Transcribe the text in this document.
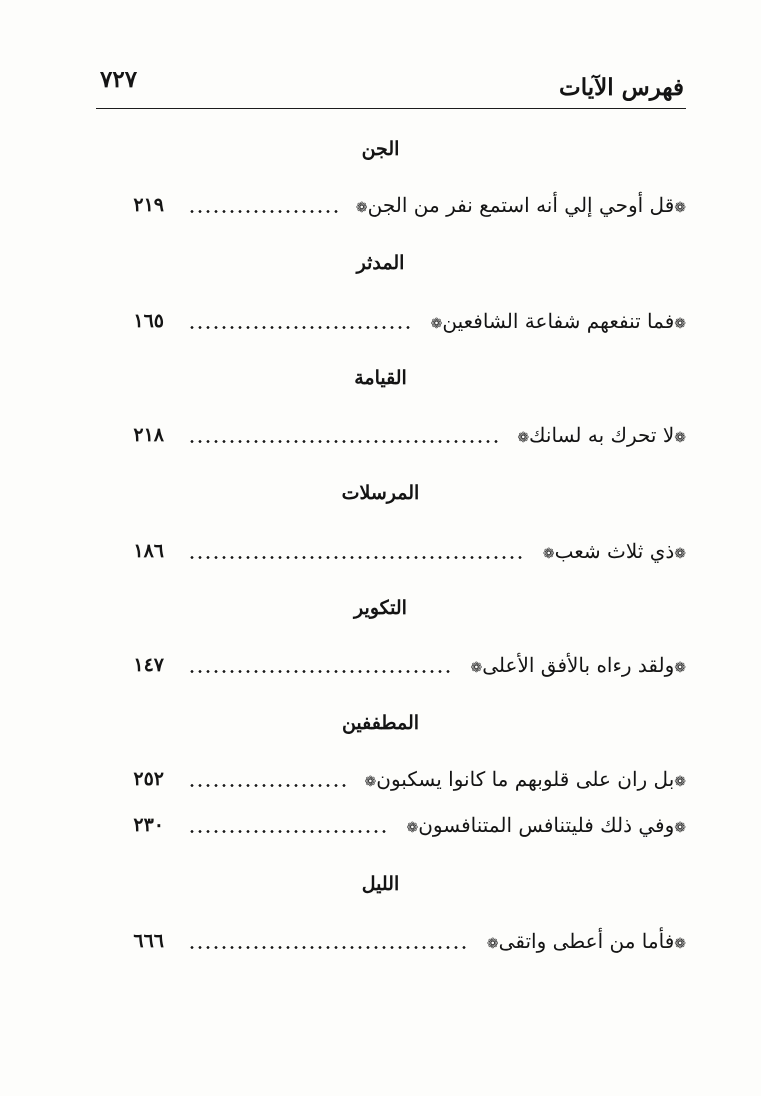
فهرس الآيات
٧٢٧
الجن
٢١٩	❁قل أوحي إلي أنه استمع نفر من الجن❁
المدثر
١٦٥	❁فما تنفعهم شفاعة الشافعين❁
القيامة
٢١٨	❁لا تحرك به لسانك❁
المرسلات
١٨٦	❁ذي ثلاث شعب❁
التكوير
١٤٧	❁ولقد رءاه بالأفق الأعلى❁
المطففين
٢٥٢	❁بل ران على قلوبهم ما كانوا يسكبون❁
٢٣٠	❁وفي ذلك فليتنافس المتنافسون❁
الليل
٦٦٦	❁فأما من أعطى واتقى❁
